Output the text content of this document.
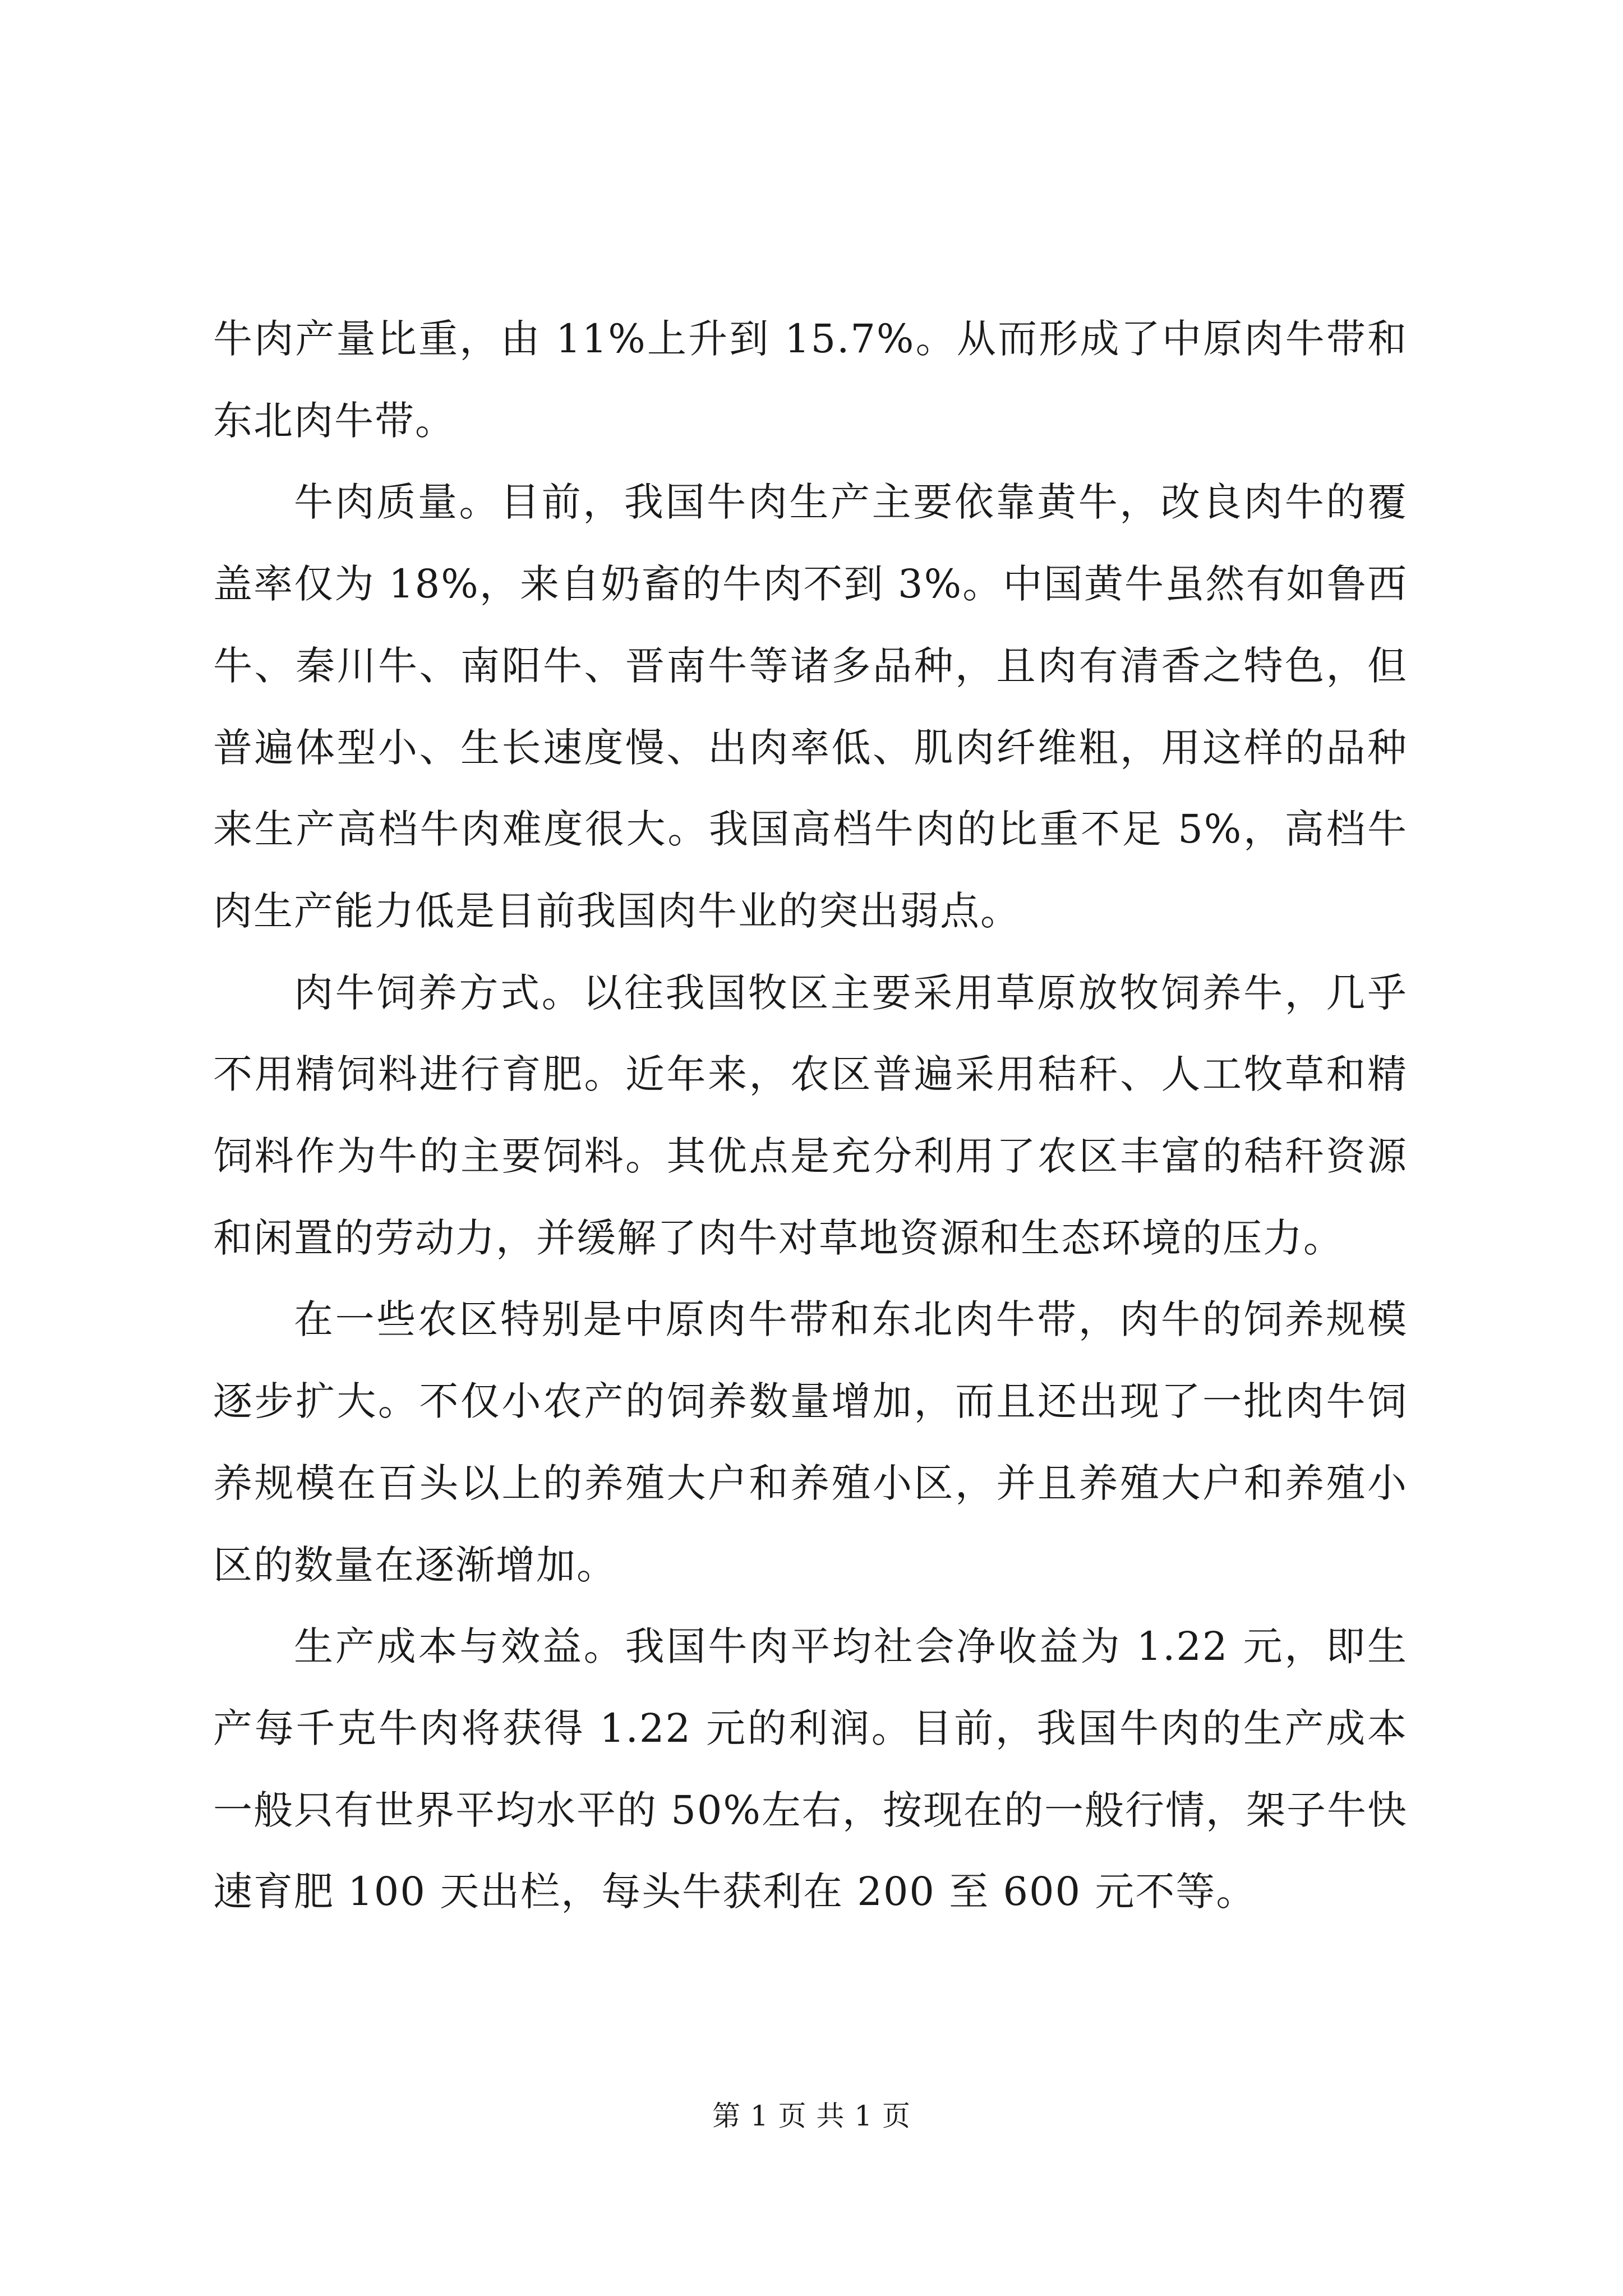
牛肉产量比重，由 11%上升到 15.7%。从而形成了中原肉牛带和东北肉牛带。

牛肉质量。目前，我国牛肉生产主要依靠黄牛，改良肉牛的覆盖率仅为 18%，来自奶畜的牛肉不到 3%。中国黄牛虽然有如鲁西牛、秦川牛、南阳牛、晋南牛等诸多品种，且肉有清香之特色，但普遍体型小、生长速度慢、出肉率低、肌肉纤维粗，用这样的品种来生产高档牛肉难度很大。我国高档牛肉的比重不足 5%，高档牛肉生产能力低是目前我国肉牛业的突出弱点。

肉牛饲养方式。以往我国牧区主要采用草原放牧饲养牛，几乎不用精饲料进行育肥。近年来，农区普遍采用秸秆、人工牧草和精饲料作为牛的主要饲料。其优点是充分利用了农区丰富的秸秆资源和闲置的劳动力，并缓解了肉牛对草地资源和生态环境的压力。

在一些农区特别是中原肉牛带和东北肉牛带，肉牛的饲养规模逐步扩大。不仅小农产的饲养数量增加，而且还出现了一批肉牛饲养规模在百头以上的养殖大户和养殖小区，并且养殖大户和养殖小区的数量在逐渐增加。

生产成本与效益。我国牛肉平均社会净收益为 1.22 元，即生产每千克牛肉将获得 1.22 元的利润。目前，我国牛肉的生产成本一般只有世界平均水平的 50%左右，按现在的一般行情，架子牛快速育肥 100 天出栏，每头牛获利在 200 至 600 元不等。

第 1 页 共 1 页
